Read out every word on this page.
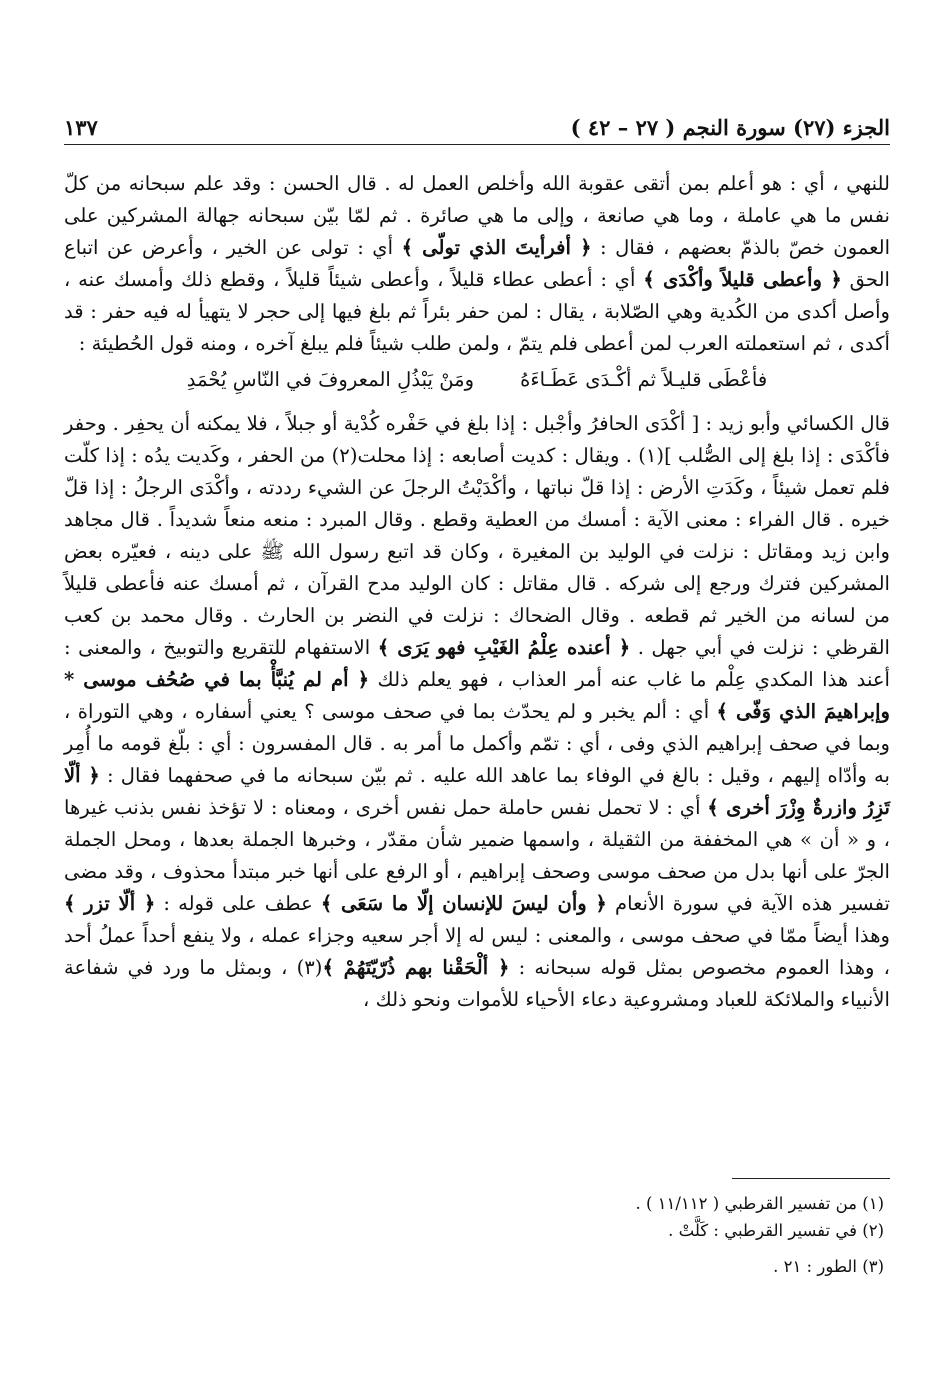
الجزء (٢٧) سورة النجم ( ٢٧ – ٤٢ )
١٣٧

للنهي ، أي : هو أعلم بمن أتقى عقوبة الله وأخلص العمل له . قال الحسن : وقد علم سبحانه من كلّ نفس ما هي عاملة ، وما هي صانعة ، وإلى ما هي صائرة . ثم لمّا بيّن سبحانه جهالة المشركين على العمون خصّ بالذمّ بعضهم ، فقال : ﴿ أفرأيتَ الذي تولّى ﴾ أي : تولى عن الخير ، وأعرض عن اتباع الحق ﴿ وأعطى قليلاً وأكْدَى ﴾ أي : أعطى عطاء قليلاً ، وأعطى شيئاً قليلاً ، وقطع ذلك وأمسك عنه ، وأصل أكدى من الكُدية وهي الصّلابة ، يقال : لمن حفر بئراً ثم بلغ فيها إلى حجر لا يتهيأ له فيه حفر : قد أكدى ، ثم استعملته العرب لمن أعطى فلم يتمّ ، ولمن طلب شيئاً فلم يبلغ آخره ، ومنه قول الحُطيئة :

فأعْطَى قليـلاً ثم أكْـدَى عَطَـاءَهُ
ومَنْ يَبْذُلِ المعروفَ في النّاسِ يُحْمَدِ

قال الكسائي وأبو زيد : [ أكْدَى الحافرُ وأجْبل : إذا بلغ في حَفْره كُدْية أو جبلاً ، فلا يمكنه أن يحفِر . وحفر فأكْدَى : إذا بلغ إلى الصُّلب ](١) . ويقال : كديت أصابعه : إذا محلت(٢) من الحفر ، وكَديت يدُه : إذا كلّت فلم تعمل شيئاً ، وكَدَتِ الأرض : إذا قلّ نباتها ، وأكْدَيْتُ الرجلَ عن الشيء رددته ، وأكْدَى الرجلُ : إذا قلّ خيره . قال الفراء : معنى الآية : أمسك من العطية وقطع . وقال المبرد : منعه منعاً شديداً . قال مجاهد وابن زيد ومقاتل : نزلت في الوليد بن المغيرة ، وكان قد اتبع رسول الله ﷺ على دينه ، فعيّره بعض المشركين فترك ورجع إلى شركه . قال مقاتل : كان الوليد مدح القرآن ، ثم أمسك عنه فأعطى قليلاً من لسانه من الخير ثم قطعه . وقال الضحاك : نزلت في النضر بن الحارث . وقال محمد بن كعب القرظي : نزلت في أبي جهل . ﴿ أعنده عِلْمُ الغَيْبِ فهو يَرَى ﴾ الاستفهام للتقريع والتوبيخ ، والمعنى : أعند هذا المكدي عِلْم ما غاب عنه أمر العذاب ، فهو يعلم ذلك ﴿ أم لم يُنبَّأْ بما في صُحُف موسى * وإبراهيمَ الذي وَفّى ﴾ أي : ألم يخبر و لم يحدّث بما في صحف موسى ؟ يعني أسفاره ، وهي التوراة ، وبما في صحف إبراهيم الذي وفى ، أي : تمّم وأكمل ما أمر به . قال المفسرون : أي : بلّغ قومه ما أُمِر به وأدّاه إليهم ، وقيل : بالغ في الوفاء بما عاهد الله عليه . ثم بيّن سبحانه ما في صحفهما فقال : ﴿ ألّا تَزِرُ وازرةٌ وِزْرَ أخرى ﴾ أي : لا تحمل نفس حاملة حمل نفس أخرى ، ومعناه : لا تؤخذ نفس بذنب غيرها ، و « أن » هي المخففة من الثقيلة ، واسمها ضمير شأن مقدّر ، وخبرها الجملة بعدها ، ومحل الجملة الجرّ على أنها بدل من صحف موسى وصحف إبراهيم ، أو الرفع على أنها خبر مبتدأ محذوف ، وقد مضى تفسير هذه الآية في سورة الأنعام ﴿ وأن ليسَ للإنسان إلّا ما سَعَى ﴾ عطف على قوله : ﴿ ألّا تزر ﴾ وهذا أيضاً ممّا في صحف موسى ، والمعنى : ليس له إلا أجر سعيه وجزاء عمله ، ولا ينفع أحداً عملُ أحد ، وهذا العموم مخصوص بمثل قوله سبحانه : ﴿ ألْحَقْنا بهم ذُرّيّتَهُمْ ﴾(٣) ، وبمثل ما ورد في شفاعة الأنبياء والملائكة للعباد ومشروعية دعاء الأحياء للأموات ونحو ذلك ،

(١) من تفسير القرطبي ( ١١/١١٢ ) .
(٢) في تفسير القرطبي : كَلَّتْ .
(٣) الطور : ٢١ .
